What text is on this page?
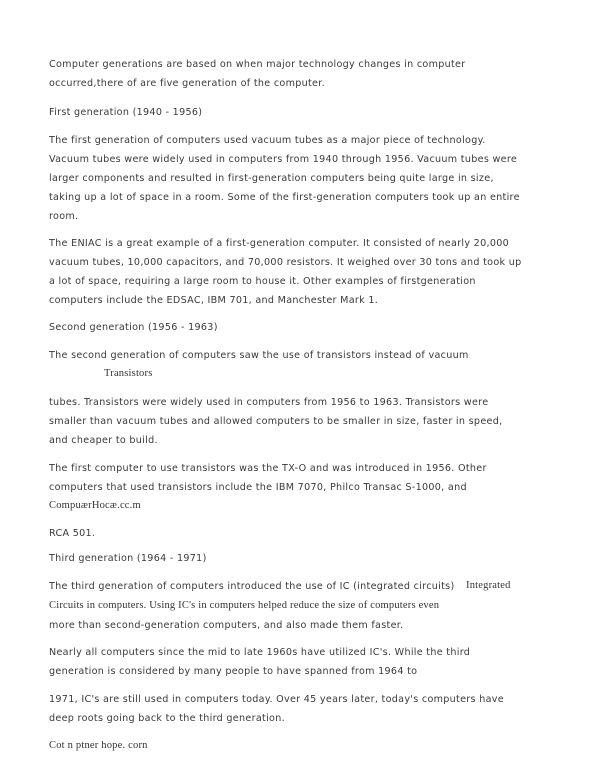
Computer generations are based on when major technology changes in computer
occurred,there of are five generation of the computer.
First generation (1940 - 1956)
The first generation of computers used vacuum tubes as a major piece of technology.
Vacuum tubes were widely used in computers from 1940 through 1956. Vacuum tubes were
larger components and resulted in first-generation computers being quite large in size,
taking up a lot of space in a room. Some of the first-generation computers took up an entire
room.
The ENIAC is a great example of a first-generation computer. It consisted of nearly 20,000
vacuum tubes, 10,000 capacitors, and 70,000 resistors. It weighed over 30 tons and took up
a lot of space, requiring a large room to house it. Other examples of firstgeneration
computers include the EDSAC, IBM 701, and Manchester Mark 1.
Second generation (1956 - 1963)
The second generation of computers saw the use of transistors instead of vacuum
Transistors
tubes. Transistors were widely used in computers from 1956 to 1963. Transistors were
smaller than vacuum tubes and allowed computers to be smaller in size, faster in speed,
and cheaper to build.
The first computer to use transistors was the TX-O and was introduced in 1956. Other
computers that used transistors include the IBM 7070, Philco Transac S-1000, and
CompuærHocæ.cc.m
RCA 501.
Third generation (1964 - 1971)
The third generation of computers introduced the use of IC (integrated circuits) Integrated
Circuits in computers. Using IC's in computers helped reduce the size of computers even
more than second-generation computers, and also made them faster.
Nearly all computers since the mid to late 1960s have utilized IC's. While the third
generation is considered by many people to have spanned from 1964 to
1971, IC's are still used in computers today. Over 45 years later, today's computers have
deep roots going back to the third generation.
Cot n ptner hope. corn
